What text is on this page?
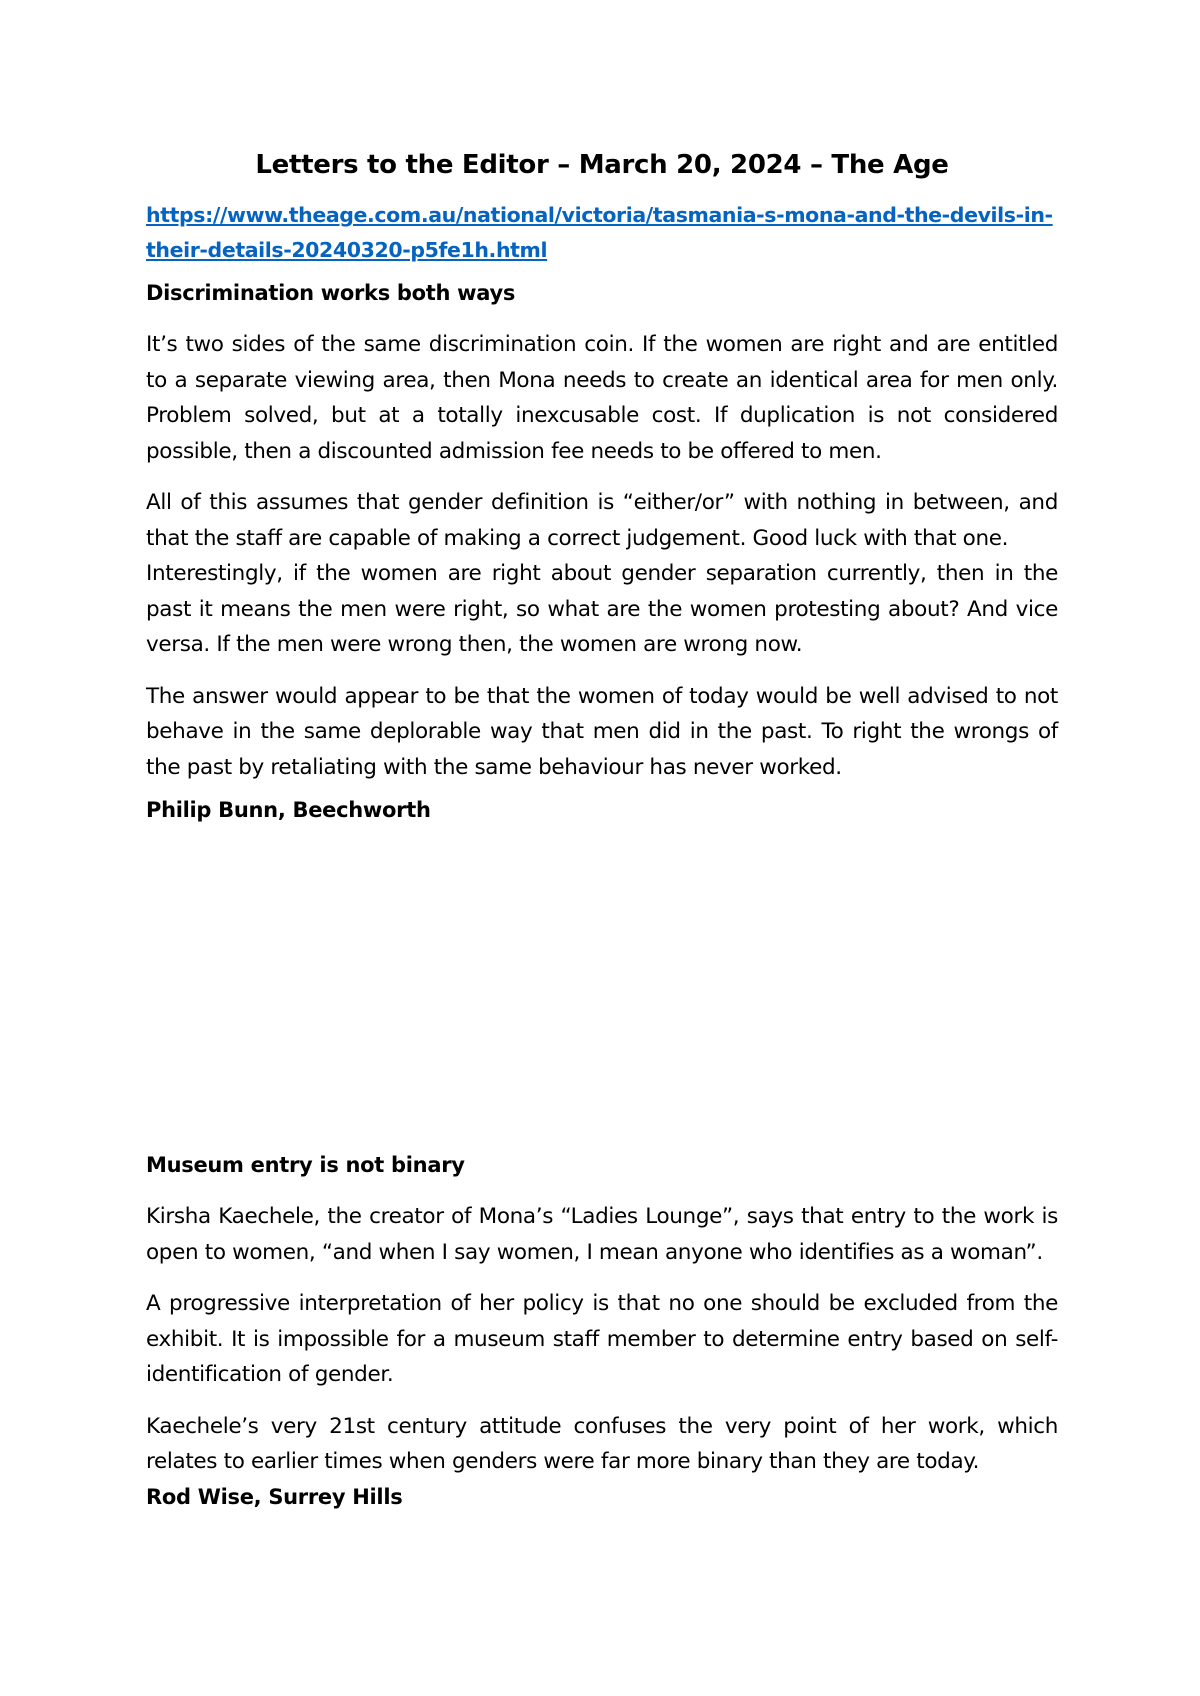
Letters to the Editor – March 20, 2024 – The Age
https://www.theage.com.au/national/victoria/tasmania-s-mona-and-the-devils-in-their-details-20240320-p5fe1h.html
Discrimination works both ways

It’s two sides of the same discrimination coin. If the women are right and are entitled to a separate viewing area, then Mona needs to create an identical area for men only. Problem solved, but at a totally inexcusable cost. If duplication is not considered possible, then a discounted admission fee needs to be offered to men.

All of this assumes that gender definition is “either/or” with nothing in between, and that the staff are capable of making a correct judgement. Good luck with that one.

Interestingly, if the women are right about gender separation currently, then in the past it means the men were right, so what are the women protesting about? And vice versa. If the men were wrong then, the women are wrong now.

The answer would appear to be that the women of today would be well advised to not behave in the same deplorable way that men did in the past. To right the wrongs of the past by retaliating with the same behaviour has never worked.

Philip Bunn, Beechworth
Museum entry is not binary

Kirsha Kaechele, the creator of Mona’s “Ladies Lounge”, says that entry to the work is open to women, “and when I say women, I mean anyone who identifies as a woman”.

A progressive interpretation of her policy is that no one should be excluded from the exhibit. It is impossible for a museum staff member to determine entry based on self-identification of gender.

Kaechele’s very 21st century attitude confuses the very point of her work, which relates to earlier times when genders were far more binary than they are today.

Rod Wise, Surrey Hills
